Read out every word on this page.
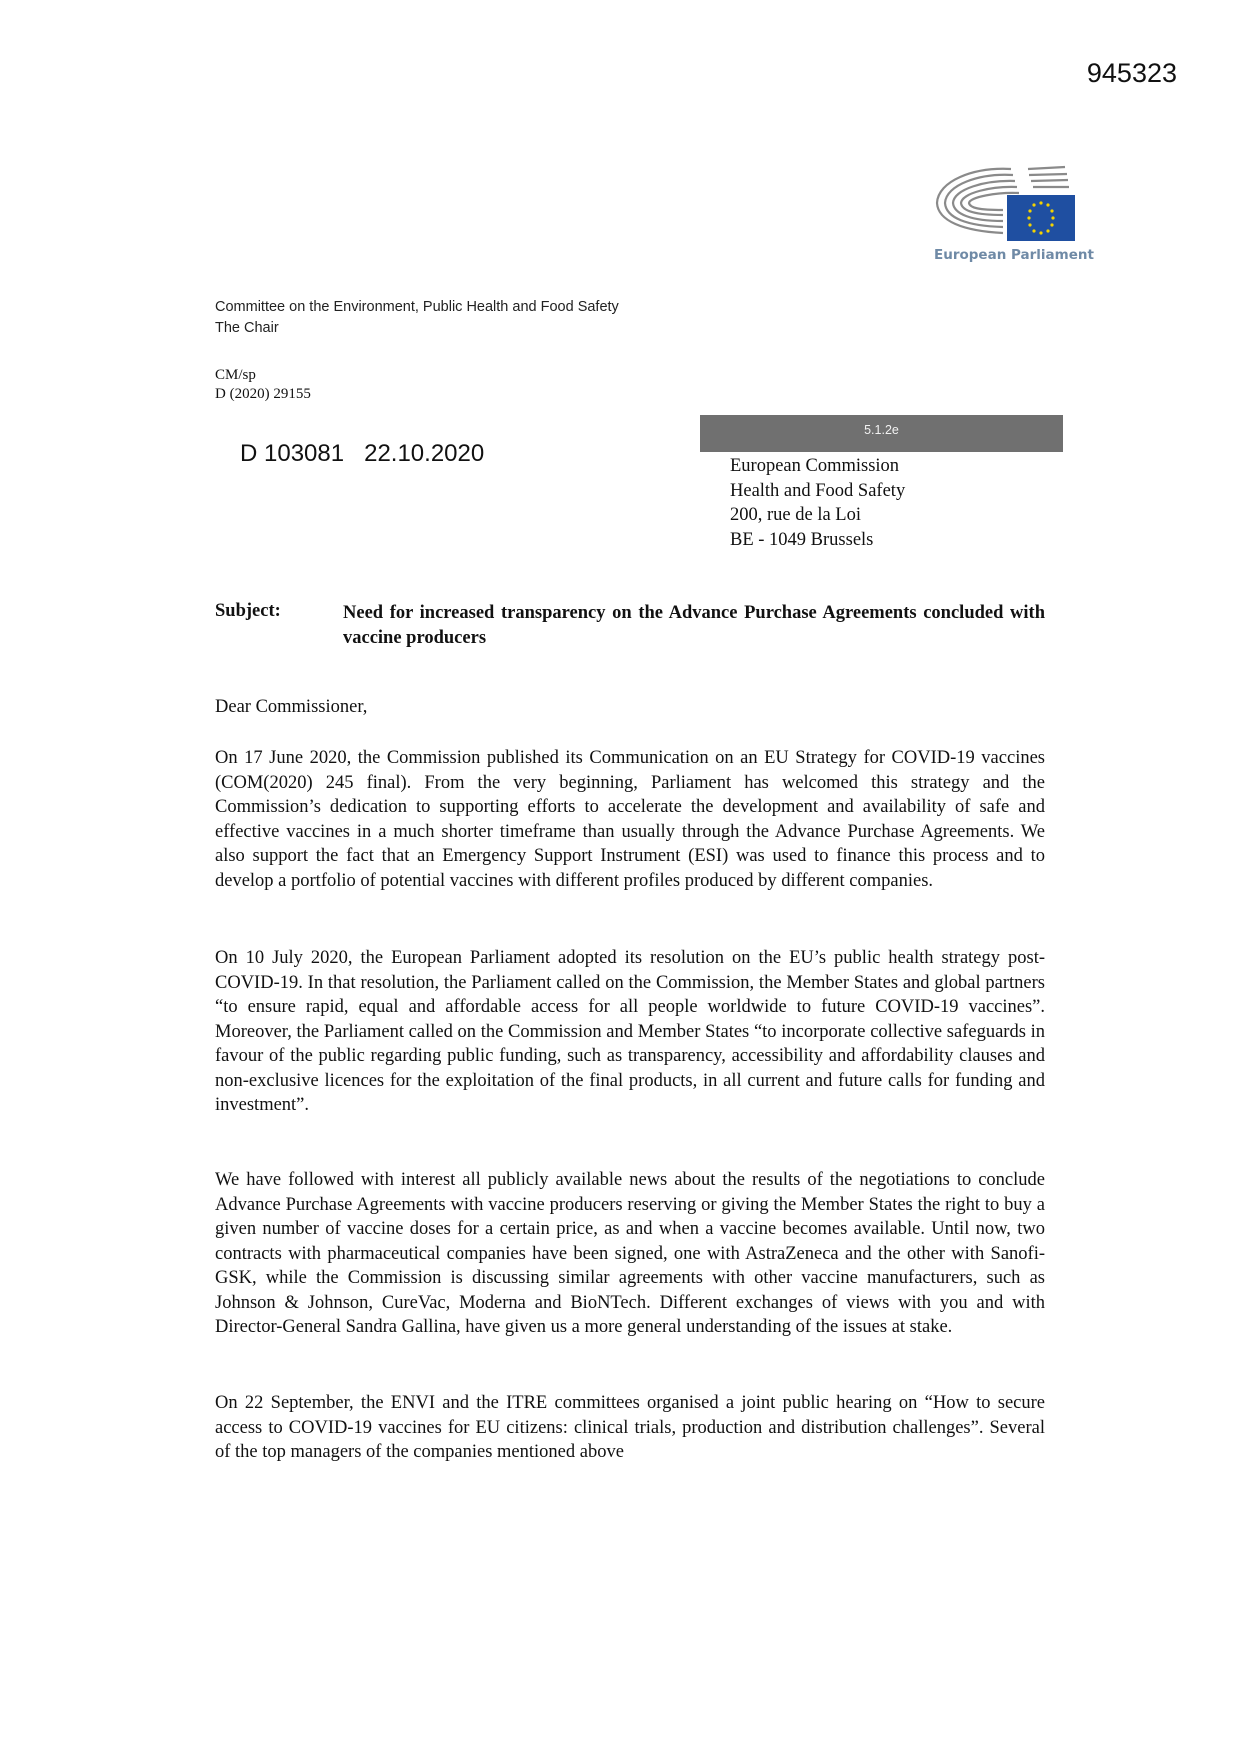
945323
European Parliament
Committee on the Environment, Public Health and Food Safety
The Chair
CM/sp
D (2020) 29155
D 103081   22.10.2020
5.1.2e
European Commission
Health and Food Safety
200, rue de la Loi
BE - 1049 Brussels
Subject:	Need for increased transparency on the Advance Purchase Agreements concluded with vaccine producers
Dear Commissioner,

On 17 June 2020, the Commission published its Communication on an EU Strategy for COVID-19 vaccines (COM(2020) 245 final). From the very beginning, Parliament has welcomed this strategy and the Commission’s dedication to supporting efforts to accelerate the development and availability of safe and effective vaccines in a much shorter timeframe than usually through the Advance Purchase Agreements. We also support the fact that an Emergency Support Instrument (ESI) was used to finance this process and to develop a portfolio of potential vaccines with different profiles produced by different companies.

On 10 July 2020, the European Parliament adopted its resolution on the EU’s public health strategy post-COVID-19. In that resolution, the Parliament called on the Commission, the Member States and global partners “to ensure rapid, equal and affordable access for all people worldwide to future COVID-19 vaccines”. Moreover, the Parliament called on the Commission and Member States “to incorporate collective safeguards in favour of the public regarding public funding, such as transparency, accessibility and affordability clauses and non-exclusive licences for the exploitation of the final products, in all current and future calls for funding and investment”.

We have followed with interest all publicly available news about the results of the negotiations to conclude Advance Purchase Agreements with vaccine producers reserving or giving the Member States the right to buy a given number of vaccine doses for a certain price, as and when a vaccine becomes available. Until now, two contracts with pharmaceutical companies have been signed, one with AstraZeneca and the other with Sanofi-GSK, while the Commission is discussing similar agreements with other vaccine manufacturers, such as Johnson & Johnson, CureVac, Moderna and BioNTech. Different exchanges of views with you and with Director-General Sandra Gallina, have given us a more general understanding of the issues at stake.

On 22 September, the ENVI and the ITRE committees organised a joint public hearing on “How to secure access to COVID-19 vaccines for EU citizens: clinical trials, production and distribution challenges”. Several of the top managers of the companies mentioned above
